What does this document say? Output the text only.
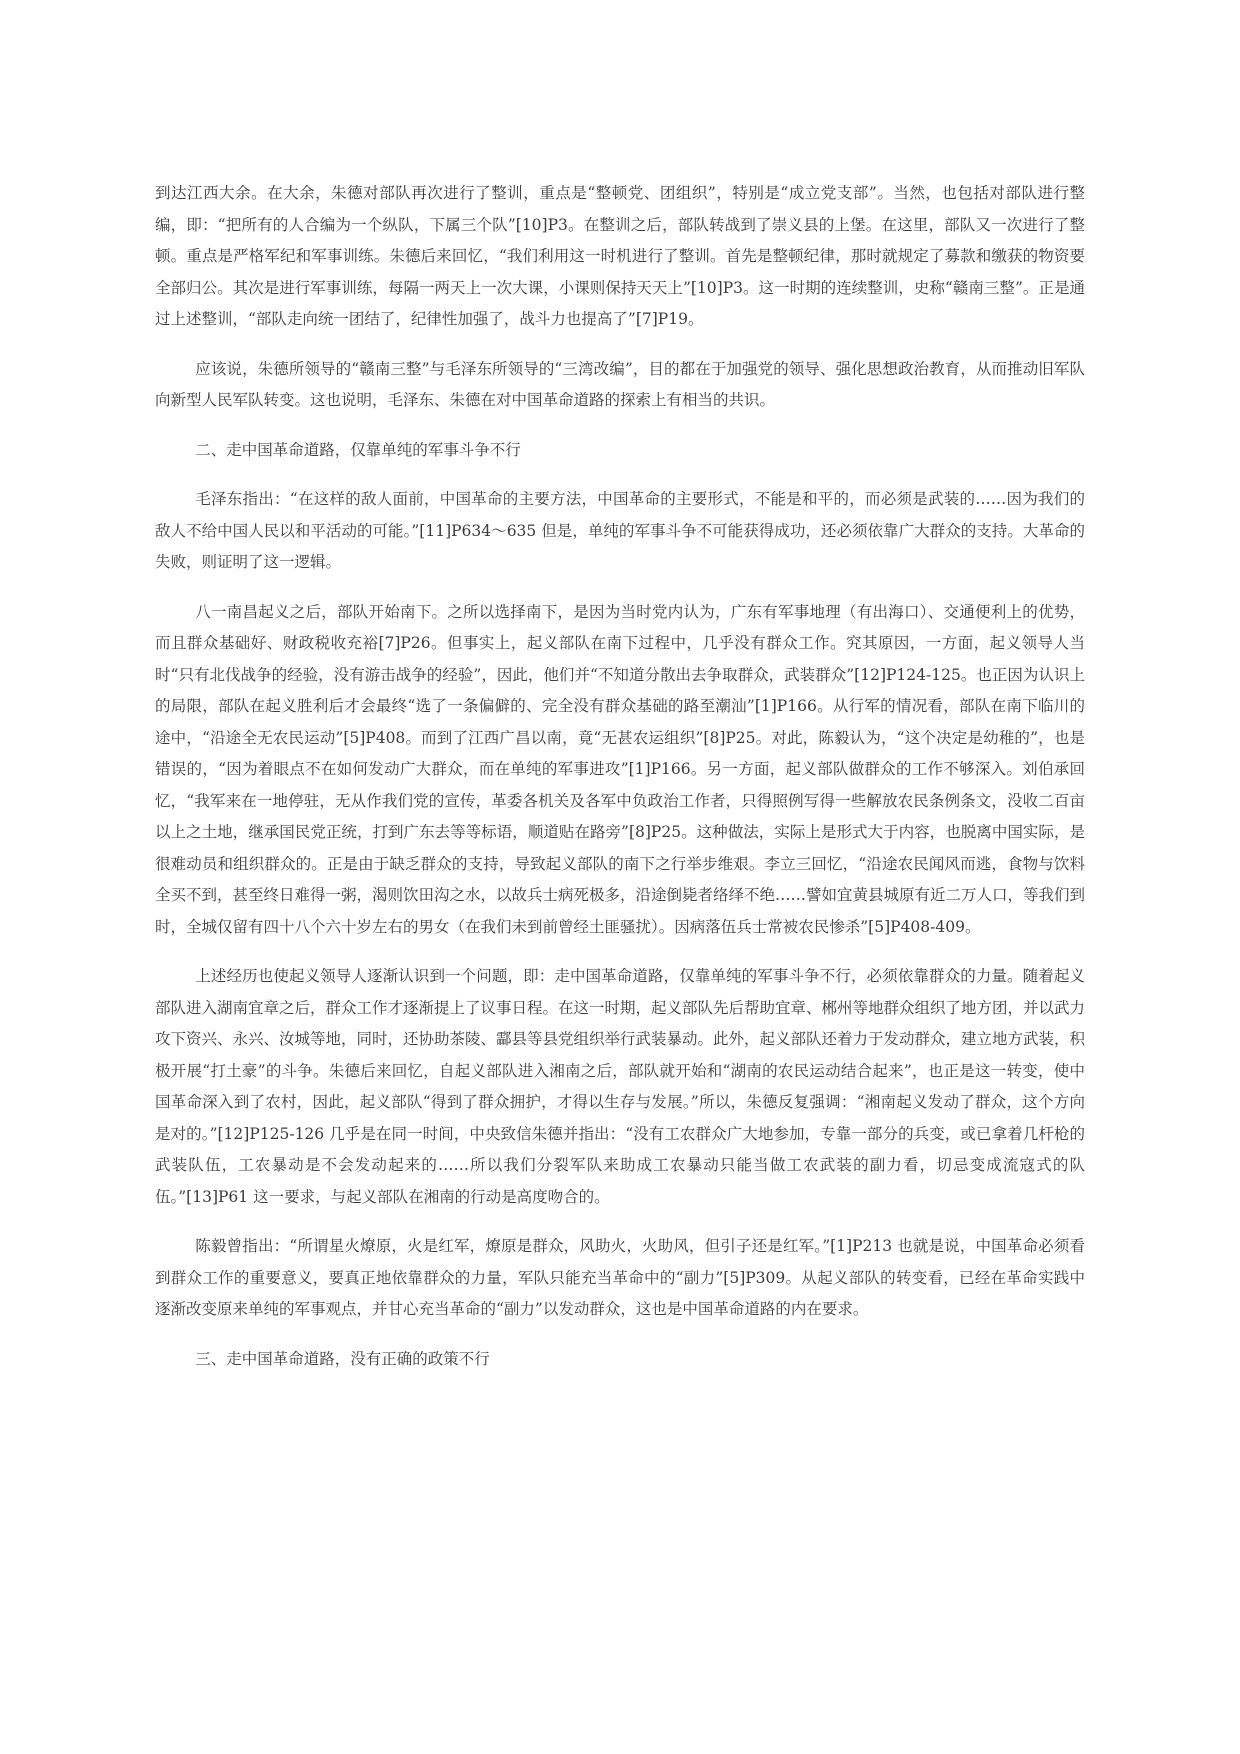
到达江西大余。在大余，朱德对部队再次进行了整训，重点是“整顿党、团组织”，特别是“成立党支部”。当然，也包括对部队进行整编，即：“把所有的人合编为一个纵队，下属三个队”[10]P3。在整训之后，部队转战到了崇义县的上堡。在这里，部队又一次进行了整顿。重点是严格军纪和军事训练。朱德后来回忆，“我们利用这一时机进行了整训。首先是整顿纪律，那时就规定了募款和缴获的物资要全部归公。其次是进行军事训练，每隔一两天上一次大课，小课则保持天天上”[10]P3。这一时期的连续整训，史称“赣南三整”。正是通过上述整训，“部队走向统一团结了，纪律性加强了，战斗力也提高了”[7]P19。

应该说，朱德所领导的“赣南三整”与毛泽东所领导的“三湾改编”，目的都在于加强党的领导、强化思想政治教育，从而推动旧军队向新型人民军队转变。这也说明，毛泽东、朱德在对中国革命道路的探索上有相当的共识。

二、走中国革命道路，仅靠单纯的军事斗争不行

毛泽东指出：“在这样的敌人面前，中国革命的主要方法，中国革命的主要形式，不能是和平的，而必须是武装的……因为我们的敌人不给中国人民以和平活动的可能。”[11]P634～635 但是，单纯的军事斗争不可能获得成功，还必须依靠广大群众的支持。大革命的失败，则证明了这一逻辑。

八一南昌起义之后，部队开始南下。之所以选择南下，是因为当时党内认为，广东有军事地理（有出海口）、交通便利上的优势，而且群众基础好、财政税收充裕[7]P26。但事实上，起义部队在南下过程中，几乎没有群众工作。究其原因，一方面，起义领导人当时“只有北伐战争的经验，没有游击战争的经验”，因此，他们并“不知道分散出去争取群众，武装群众”[12]P124-125。也正因为认识上的局限，部队在起义胜利后才会最终“选了一条偏僻的、完全没有群众基础的路至潮汕”[1]P166。从行军的情况看，部队在南下临川的途中，“沿途全无农民运动”[5]P408。而到了江西广昌以南，竟“无甚农运组织”[8]P25。对此，陈毅认为，“这个决定是幼稚的”，也是错误的，“因为着眼点不在如何发动广大群众，而在单纯的军事进攻”[1]P166。另一方面，起义部队做群众的工作不够深入。刘伯承回忆，“我军来在一地停驻，无从作我们党的宣传，革委各机关及各军中负政治工作者，只得照例写得一些解放农民条例条文，没收二百亩以上之土地，继承国民党正统，打到广东去等等标语，顺道贴在路旁”[8]P25。这种做法，实际上是形式大于内容，也脱离中国实际，是很难动员和组织群众的。正是由于缺乏群众的支持，导致起义部队的南下之行举步维艰。李立三回忆，“沿途农民闻风而逃，食物与饮料全买不到，甚至终日难得一粥，渴则饮田沟之水，以故兵士病死极多，沿途倒毙者络绎不绝……譬如宜黄县城原有近二万人口，等我们到时，全城仅留有四十八个六十岁左右的男女（在我们未到前曾经土匪骚扰）。因病落伍兵士常被农民惨杀”[5]P408-409。

上述经历也使起义领导人逐渐认识到一个问题，即：走中国革命道路，仅靠单纯的军事斗争不行，必须依靠群众的力量。随着起义部队进入湖南宜章之后，群众工作才逐渐提上了议事日程。在这一时期，起义部队先后帮助宜章、郴州等地群众组织了地方团，并以武力攻下资兴、永兴、汝城等地，同时，还协助茶陵、酃县等县党组织举行武装暴动。此外，起义部队还着力于发动群众，建立地方武装，积极开展“打土豪”的斗争。朱德后来回忆，自起义部队进入湘南之后，部队就开始和“湖南的农民运动结合起来”，也正是这一转变，使中国革命深入到了农村，因此，起义部队“得到了群众拥护，才得以生存与发展。”所以，朱德反复强调：“湘南起义发动了群众，这个方向是对的。”[12]P125-126 几乎是在同一时间，中央致信朱德并指出：“没有工农群众广大地参加，专靠一部分的兵变，或已拿着几杆枪的武装队伍，工农暴动是不会发动起来的……所以我们分裂军队来助成工农暴动只能当做工农武装的副力看，切忌变成流寇式的队伍。”[13]P61 这一要求，与起义部队在湘南的行动是高度吻合的。

陈毅曾指出：“所谓星火燎原，火是红军，燎原是群众，风助火，火助风，但引子还是红军。”[1]P213 也就是说，中国革命必须看到群众工作的重要意义，要真正地依靠群众的力量，军队只能充当革命中的“副力”[5]P309。从起义部队的转变看，已经在革命实践中逐渐改变原来单纯的军事观点，并甘心充当革命的“副力”以发动群众，这也是中国革命道路的内在要求。

三、走中国革命道路，没有正确的政策不行
